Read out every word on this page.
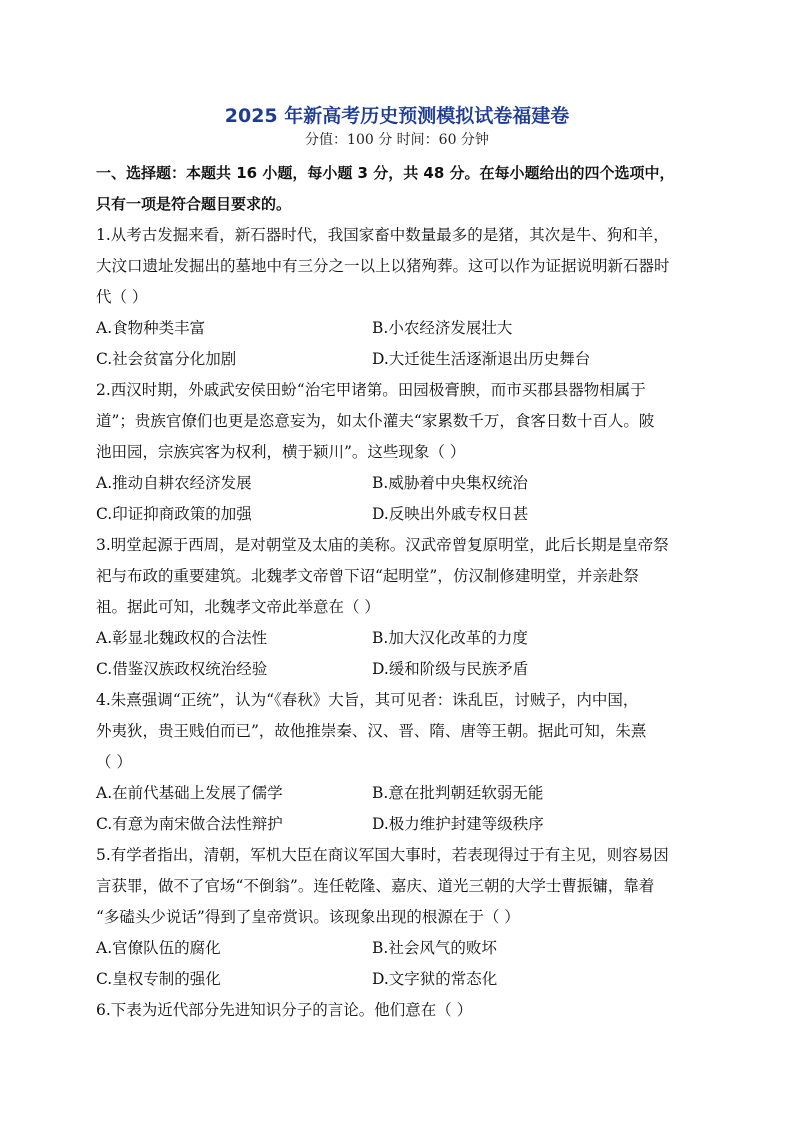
2025 年新高考历史预测模拟试卷福建卷
分值：100 分 时间：60 分钟
一、选择题：本题共 16 小题，每小题 3 分，共 48 分。在每小题给出的四个选项中，
只有一项是符合题目要求的。
1.从考古发掘来看，新石器时代，我国家畜中数量最多的是猪，其次是牛、狗和羊，
大汶口遗址发掘出的墓地中有三分之一以上以猪殉葬。这可以作为证据说明新石器时
代（ ）
A.食物种类丰富	B.小农经济发展壮大
C.社会贫富分化加剧	D.大迁徙生活逐渐退出历史舞台
2.西汉时期，外戚武安侯田蚡“治宅甲诸第。田园极膏腴，而市买郡县器物相属于
道”；贵族官僚们也更是恣意妄为，如太仆灌夫“家累数千万，食客日数十百人。陂
池田园，宗族宾客为权利，横于颍川”。这些现象（ ）
A.推动自耕农经济发展	B.威胁着中央集权统治
C.印证抑商政策的加强	D.反映出外戚专权日甚
3.明堂起源于西周，是对朝堂及太庙的美称。汉武帝曾复原明堂，此后长期是皇帝祭
祀与布政的重要建筑。北魏孝文帝曾下诏“起明堂”，仿汉制修建明堂，并亲赴祭
祖。据此可知，北魏孝文帝此举意在（ ）
A.彰显北魏政权的合法性	B.加大汉化改革的力度
C.借鉴汉族政权统治经验	D.缓和阶级与民族矛盾
4.朱熹强调“正统”，认为“《春秋》大旨，其可见者：诛乱臣，讨贼子，内中国，
外夷狄，贵王贱伯而已”，故他推崇秦、汉、晋、隋、唐等王朝。据此可知，朱熹
（ ）
A.在前代基础上发展了儒学	B.意在批判朝廷软弱无能
C.有意为南宋做合法性辩护	D.极力维护封建等级秩序
5.有学者指出，清朝，军机大臣在商议军国大事时，若表现得过于有主见，则容易因
言获罪，做不了官场“不倒翁”。连任乾隆、嘉庆、道光三朝的大学士曹振镛，靠着
“多磕头少说话”得到了皇帝赏识。该现象出现的根源在于（ ）
A.官僚队伍的腐化	B.社会风气的败坏
C.皇权专制的强化	D.文字狱的常态化
6.下表为近代部分先进知识分子的言论。他们意在（ ）
